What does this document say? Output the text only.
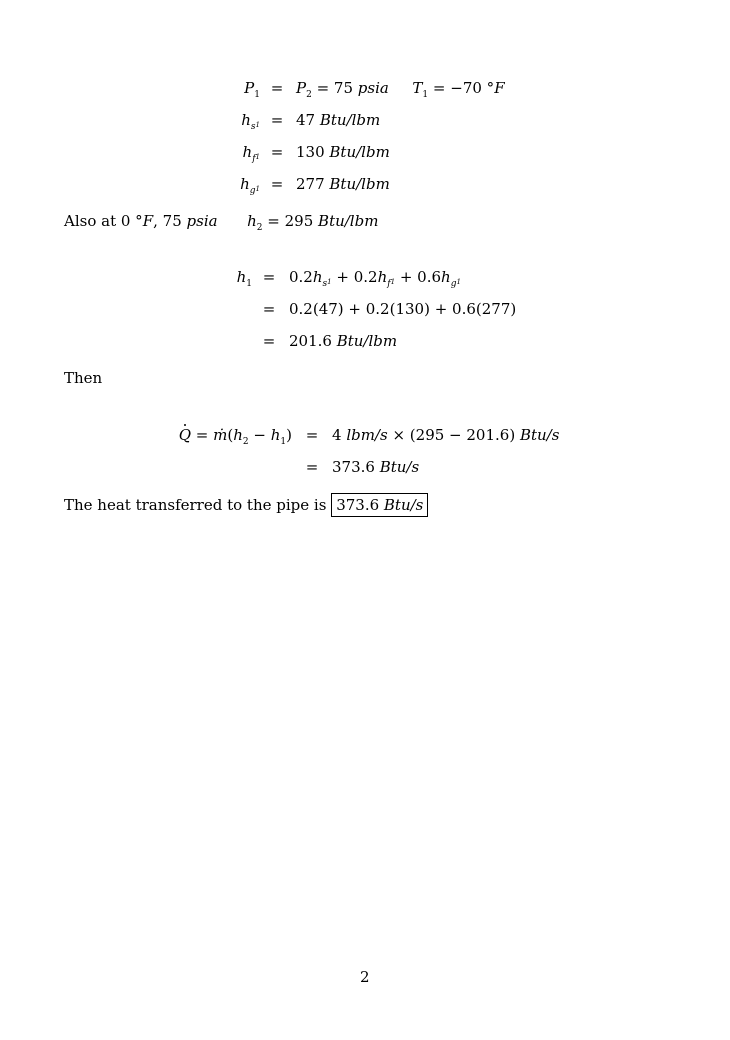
$P_1 = P_2 = 75$ psia $T_1 = -70$ °F
$h_{s1} = 47$ Btu/lbm
$h_{f1} = 130$ Btu/lbm
$h_{g1} = 277$ Btu/lbm
Also at 0 °F, 75 psia $h_2 = 295$ Btu/lbm
$h_1 = 0.2h_{s1} + 0.2h_{f1} + 0.6h_{g1}$
= 0.2(47) + 0.2(130) + 0.6(277)
= 201.6 Btu/lbm
Then
$Q = ṁ(h_2 - h_1) = 4$ lbm/s × (295 − 201.6) Btu/s
= 373.6 Btu/s
The heat transferred to the pipe is 373.6 Btu/s
2
